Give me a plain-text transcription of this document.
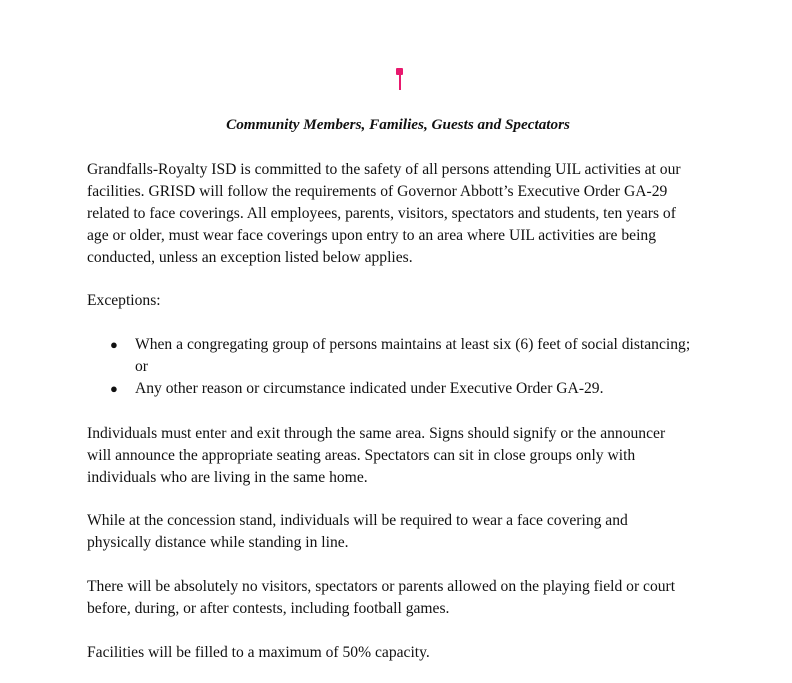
Community Members, Families, Guests and Spectators

Grandfalls-Royalty ISD is committed to the safety of all persons attending UIL activities at our
facilities. GRISD will follow the requirements of Governor Abbott’s Executive Order GA-29
related to face coverings. All employees, parents, visitors, spectators and students, ten years of
age or older, must wear face coverings upon entry to an area where UIL activities are being
conducted, unless an exception listed below applies.

Exceptions:

● When a congregating group of persons maintains at least six (6) feet of social distancing;
or
● Any other reason or circumstance indicated under Executive Order GA-29.

Individuals must enter and exit through the same area. Signs should signify or the announcer
will announce the appropriate seating areas. Spectators can sit in close groups only with
individuals who are living in the same home.

While at the concession stand, individuals will be required to wear a face covering and
physically distance while standing in line.

There will be absolutely no visitors, spectators or parents allowed on the playing field or court
before, during, or after contests, including football games.

Facilities will be filled to a maximum of 50% capacity.
